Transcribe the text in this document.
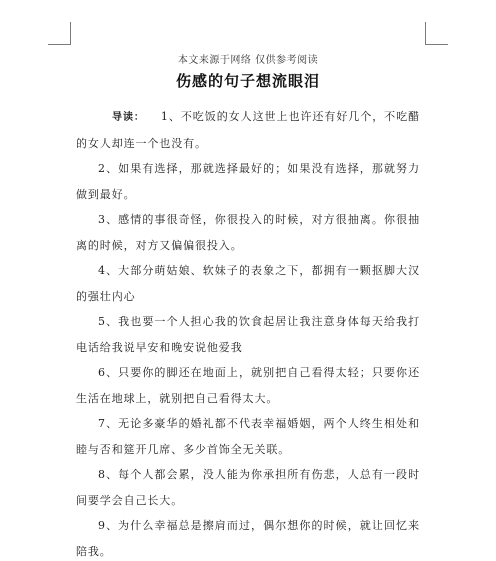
本文来源于网络 仅供参考阅读
伤感的句子想流眼泪

导读： 1、不吃饭的女人这世上也许还有好几个，不吃醋的女人却连一个也没有。

2、如果有选择，那就选择最好的；如果没有选择，那就努力做到最好。

3、感情的事很奇怪，你很投入的时候，对方很抽离。你很抽离的时候，对方又偏偏很投入。

4、大部分萌姑娘、软妹子的表象之下，都拥有一颗抠脚大汉的强壮内心

5、我也要一个人担心我的饮食起居让我注意身体每天给我打电话给我说早安和晚安说他爱我

6、只要你的脚还在地面上，就别把自己看得太轻；只要你还生活在地球上，就别把自己看得太大。

7、无论多豪华的婚礼都不代表幸福婚姻，两个人终生相处和睦与否和筵开几席、多少首饰全无关联。

8、每个人都会累，没人能为你承担所有伤悲，人总有一段时间要学会自己长大。

9、为什么幸福总是擦肩而过，偶尔想你的时候，就让回忆来陪我。
